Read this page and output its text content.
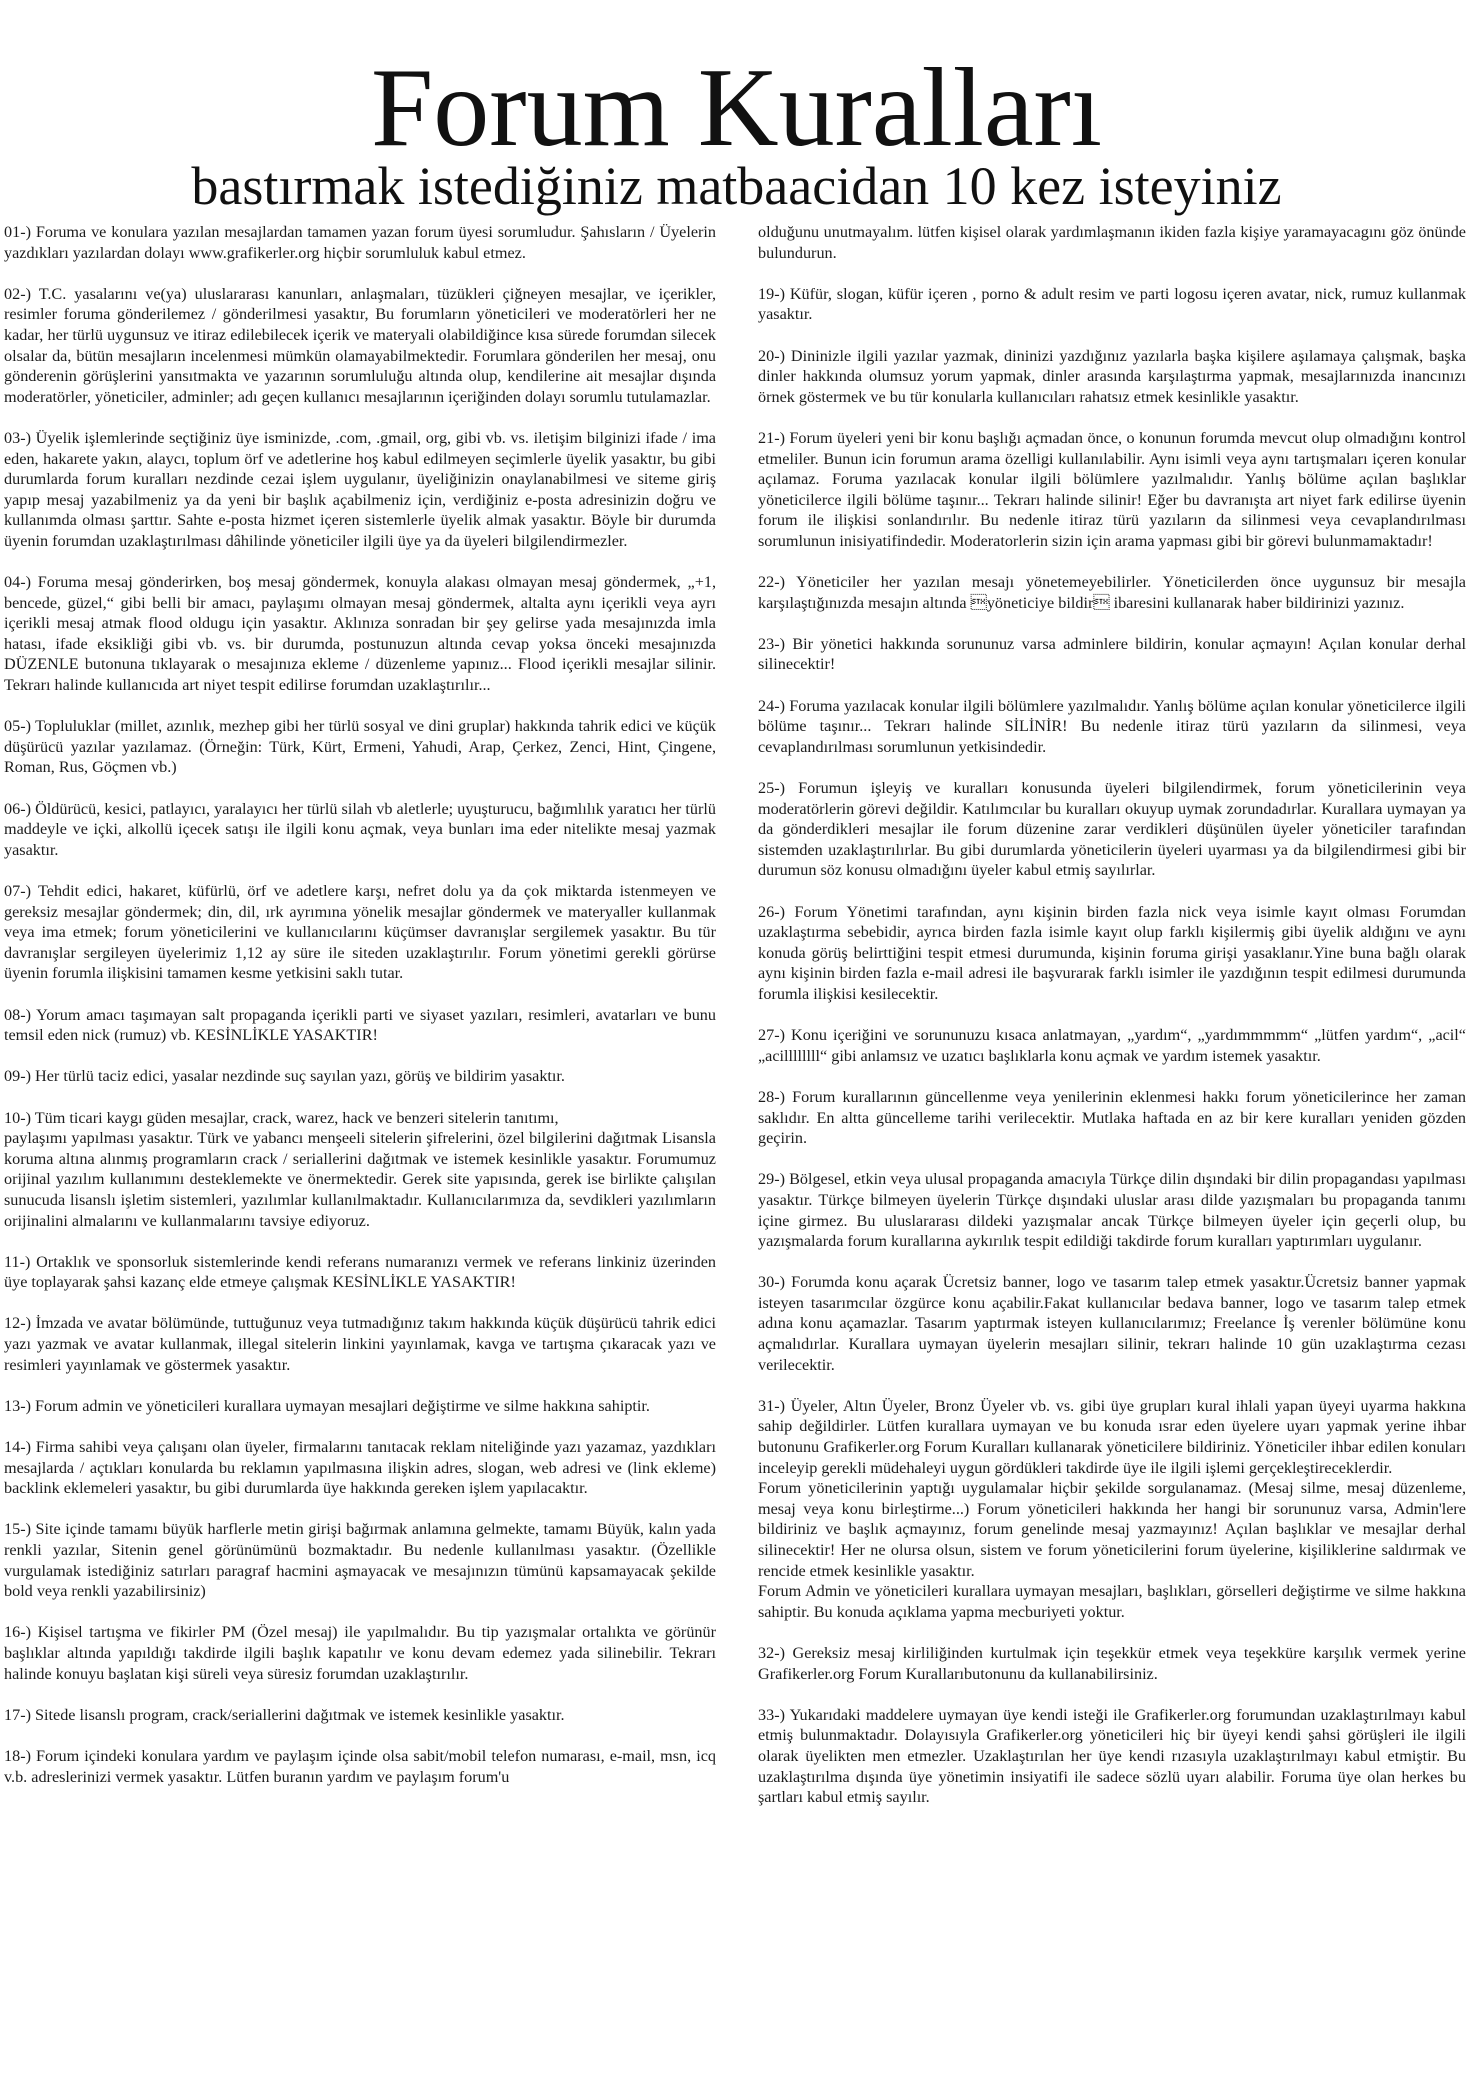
Forum Kuralları
bastırmak istediğiniz matbaacidan 10 kez isteyiniz

01-) Foruma ve konulara yazılan mesajlardan tamamen yazan forum üyesi sorumludur. Şahısların / Üyelerin yazdıkları yazılardan dolayı www.grafikerler.org hiçbir sorumluluk kabul etmez.

02-) T.C. yasalarını ve(ya) uluslararası kanunları, anlaşmaları, tüzükleri çiğneyen mesajlar, ve içerikler, resimler foruma gönderilemez / gönderilmesi yasaktır, Bu forumların yöneticileri ve moderatörleri her ne kadar, her türlü uygunsuz ve itiraz edilebilecek içerik ve materyali olabildiğince kısa sürede forumdan silecek olsalar da, bütün mesajların incelenmesi mümkün olamayabilmektedir. Forumlara gönderilen her mesaj, onu gönderenin görüşlerini yansıtmakta ve yazarının sorumluluğu altında olup, kendilerine ait mesajlar dışında moderatörler, yöneticiler, adminler; adı geçen kullanıcı mesajlarının içeriğinden dolayı sorumlu tutulamazlar.

03-) Üyelik işlemlerinde seçtiğiniz üye isminizde, .com, .gmail, org, gibi vb. vs. iletişim bilginizi ifade / ima eden, hakarete yakın, alaycı, toplum örf ve adetlerine hoş kabul edilmeyen seçimlerle üyelik yasaktır, bu gibi durumlarda forum kuralları nezdinde cezai işlem uygulanır, üyeliğinizin onaylanabilmesi ve siteme giriş yapıp mesaj yazabilmeniz ya da yeni bir başlık açabilmeniz için, verdiğiniz e-posta adresinizin doğru ve kullanımda olması şarttır. Sahte e-posta hizmet içeren sistemlerle üyelik almak yasaktır. Böyle bir durumda üyenin forumdan uzaklaştırılması dâhilinde yöneticiler ilgili üye ya da üyeleri bilgilendirmezler.

04-) Foruma mesaj gönderirken, boş mesaj göndermek, konuyla alakası olmayan mesaj göndermek, „+1, bencede, güzel,“ gibi belli bir amacı, paylaşımı olmayan mesaj göndermek, altalta aynı içerikli veya ayrı içerikli mesaj atmak flood oldugu için yasaktır. Aklınıza sonradan bir şey gelirse yada mesajınızda imla hatası, ifade eksikliği gibi vb. vs. bir durumda, postunuzun altında cevap yoksa önceki mesajınızda DÜZENLE butonuna tıklayarak o mesajınıza ekleme / düzenleme yapınız... Flood içerikli mesajlar silinir. Tekrarı halinde kullanıcıda art niyet tespit edilirse forumdan uzaklaştırılır...

05-) Topluluklar (millet, azınlık, mezhep gibi her türlü sosyal ve dini gruplar) hakkında tahrik edici ve küçük düşürücü yazılar yazılamaz. (Örneğin: Türk, Kürt, Ermeni, Yahudi, Arap, Çerkez, Zenci, Hint, Çingene, Roman, Rus, Göçmen vb.)

06-) Öldürücü, kesici, patlayıcı, yaralayıcı her türlü silah vb aletlerle; uyuşturucu, bağımlılık yaratıcı her türlü maddeyle ve içki, alkollü içecek satışı ile ilgili konu açmak, veya bunları ima eder nitelikte mesaj yazmak yasaktır.

07-) Tehdit edici, hakaret, küfürlü, örf ve adetlere karşı, nefret dolu ya da çok miktarda istenmeyen ve gereksiz mesajlar göndermek; din, dil, ırk ayrımına yönelik mesajlar göndermek ve materyaller kullanmak veya ima etmek; forum yöneticilerini ve kullanıcılarını küçümser davranışlar sergilemek yasaktır. Bu tür davranışlar sergileyen üyelerimiz 1,12 ay süre ile siteden uzaklaştırılır. Forum yönetimi gerekli görürse üyenin forumla ilişkisini tamamen kesme yetkisini saklı tutar.

08-) Yorum amacı taşımayan salt propaganda içerikli parti ve siyaset yazıları, resimleri, avatarları ve bunu temsil eden nick (rumuz) vb. KESİNLİKLE YASAKTIR!

09-) Her türlü taciz edici, yasalar nezdinde suç sayılan yazı, görüş ve bildirim yasaktır.

10-) Tüm ticari kaygı güden mesajlar, crack, warez, hack ve benzeri sitelerin tanıtımı,
paylaşımı yapılması yasaktır. Türk ve yabancı menşeeli sitelerin şifrelerini, özel bilgilerini dağıtmak Lisansla koruma altına alınmış programların crack / seriallerini dağıtmak ve istemek kesinlikle yasaktır. Forumumuz orijinal yazılım kullanımını desteklemekte ve önermektedir. Gerek site yapısında, gerek ise birlikte çalışılan sunucuda lisanslı işletim sistemleri, yazılımlar kullanılmaktadır. Kullanıcılarımıza da, sevdikleri yazılımların orijinalini almalarını ve kullanmalarını tavsiye ediyoruz.

11-) Ortaklık ve sponsorluk sistemlerinde kendi referans numaranızı vermek ve referans linkiniz üzerinden üye toplayarak şahsi kazanç elde etmeye çalışmak KESİNLİKLE YASAKTIR!

12-) İmzada ve avatar bölümünde, tuttuğunuz veya tutmadığınız takım hakkında küçük düşürücü tahrik edici yazı yazmak ve avatar kullanmak, illegal sitelerin linkini yayınlamak, kavga ve tartışma çıkaracak yazı ve resimleri yayınlamak ve göstermek yasaktır.

13-) Forum admin ve yöneticileri kurallara uymayan mesajlari değiştirme ve silme hakkına sahiptir.

14-) Firma sahibi veya çalışanı olan üyeler, firmalarını tanıtacak reklam niteliğinde yazı yazamaz, yazdıkları mesajlarda / açtıkları konularda bu reklamın yapılmasına ilişkin adres, slogan, web adresi ve (link ekleme) backlink eklemeleri yasaktır, bu gibi durumlarda üye hakkında gereken işlem yapılacaktır.

15-) Site içinde tamamı büyük harflerle metin girişi bağırmak anlamına gelmekte, tamamı Büyük, kalın yada renkli yazılar, Sitenin genel görünümünü bozmaktadır. Bu nedenle kullanılması yasaktır. (Özellikle vurgulamak istediğiniz satırları paragraf hacmini aşmayacak ve mesajınızın tümünü kapsamayacak şekilde bold veya renkli yazabilirsiniz)

16-) Kişisel tartışma ve fikirler PM (Özel mesaj) ile yapılmalıdır. Bu tip yazışmalar ortalıkta ve görünür başlıklar altında yapıldığı takdirde ilgili başlık kapatılır ve konu devam edemez yada silinebilir. Tekrarı halinde konuyu başlatan kişi süreli veya süresiz forumdan uzaklaştırılır.

17-) Sitede lisanslı program, crack/seriallerini dağıtmak ve istemek kesinlikle yasaktır.

18-) Forum içindeki konulara yardım ve paylaşım içinde olsa sabit/mobil telefon numarası, e-mail, msn, icq v.b. adreslerinizi vermek yasaktır. Lütfen buranın yardım ve paylaşım forum'u

olduğunu unutmayalım. lütfen kişisel olarak yardımlaşmanın ikiden fazla kişiye yaramayacagını göz önünde bulundurun.

19-) Küfür, slogan, küfür içeren , porno & adult resim ve parti logosu içeren avatar, nick, rumuz kullanmak yasaktır.

20-) Dininizle ilgili yazılar yazmak, dininizi yazdığınız yazılarla başka kişilere aşılamaya çalışmak, başka dinler hakkında olumsuz yorum yapmak, dinler arasında karşılaştırma yapmak, mesajlarınızda inancınızı örnek göstermek ve bu tür konularla kullanıcıları rahatsız etmek kesinlikle yasaktır.

21-) Forum üyeleri yeni bir konu başlığı açmadan önce, o konunun forumda mevcut olup olmadığını kontrol etmeliler. Bunun icin forumun arama özelligi kullanılabilir. Aynı isimli veya aynı tartışmaları içeren konular açılamaz. Foruma yazılacak konular ilgili bölümlere yazılmalıdır. Yanlış bölüme açılan başlıklar yöneticilerce ilgili bölüme taşınır... Tekrarı halinde silinir! Eğer bu davranışta art niyet fark edilirse üyenin forum ile ilişkisi sonlandırılır. Bu nedenle itiraz türü yazıların da silinmesi veya cevaplandırılması sorumlunun inisiyatifindedir. Moderatorlerin sizin için arama yapması gibi bir görevi bulunmamaktadır!

22-) Yöneticiler her yazılan mesajı yönetemeyebilirler. Yöneticilerden önce uygunsuz bir mesajla karşılaştığınızda mesajın altında yöneticiye bildir ibaresini kullanarak haber bildirinizi yazınız.

23-) Bir yönetici hakkında sorununuz varsa adminlere bildirin, konular açmayın! Açılan konular derhal silinecektir!

24-) Foruma yazılacak konular ilgili bölümlere yazılmalıdır. Yanlış bölüme açılan konular yöneticilerce ilgili bölüme taşınır... Tekrarı halinde SİLİNİR! Bu nedenle itiraz türü yazıların da silinmesi, veya cevaplandırılması sorumlunun yetkisindedir.

25-) Forumun işleyiş ve kuralları konusunda üyeleri bilgilendirmek, forum yöneticilerinin veya moderatörlerin görevi değildir. Katılımcılar bu kuralları okuyup uymak zorundadırlar. Kurallara uymayan ya da gönderdikleri mesajlar ile forum düzenine zarar verdikleri düşünülen üyeler yöneticiler tarafından sistemden uzaklaştırılırlar. Bu gibi durumlarda yöneticilerin üyeleri uyarması ya da bilgilendirmesi gibi bir durumun söz konusu olmadığını üyeler kabul etmiş sayılırlar.

26-) Forum Yönetimi tarafından, aynı kişinin birden fazla nick veya isimle kayıt olması Forumdan uzaklaştırma sebebidir, ayrıca birden fazla isimle kayıt olup farklı kişilermiş gibi üyelik aldığını ve aynı konuda görüş belirttiğini tespit etmesi durumunda, kişinin foruma girişi yasaklanır.Yine buna bağlı olarak aynı kişinin birden fazla e-mail adresi ile başvurarak farklı isimler ile yazdığının tespit edilmesi durumunda forumla ilişkisi kesilecektir.

27-) Konu içeriğini ve sorununuzu kısaca anlatmayan, „yardım“, „yardımmmmm“ „lütfen yardım“, „acil“ „acillllllll“ gibi anlamsız ve uzatıcı başlıklarla konu açmak ve yardım istemek yasaktır.

28-) Forum kurallarının güncellenme veya yenilerinin eklenmesi hakkı forum yöneticilerince her zaman saklıdır. En altta güncelleme tarihi verilecektir. Mutlaka haftada en az bir kere kuralları yeniden gözden geçirin.

29-) Bölgesel, etkin veya ulusal propaganda amacıyla Türkçe dilin dışındaki bir dilin propagandası yapılması yasaktır. Türkçe bilmeyen üyelerin Türkçe dışındaki uluslar arası dilde yazışmaları bu propaganda tanımı içine girmez. Bu uluslararası dildeki yazışmalar ancak Türkçe bilmeyen üyeler için geçerli olup, bu yazışmalarda forum kurallarına aykırılık tespit edildiği takdirde forum kuralları yaptırımları uygulanır.

30-) Forumda konu açarak Ücretsiz banner, logo ve tasarım talep etmek yasaktır.Ücretsiz banner yapmak isteyen tasarımcılar özgürce konu açabilir.Fakat kullanıcılar bedava banner, logo ve tasarım talep etmek adına konu açamazlar. Tasarım yaptırmak isteyen kullanıcılarımız; Freelance İş verenler bölümüne konu açmalıdırlar. Kurallara uymayan üyelerin mesajları silinir, tekrarı halinde 10 gün uzaklaştırma cezası verilecektir.

31-) Üyeler, Altın Üyeler, Bronz Üyeler vb. vs. gibi üye grupları kural ihlali yapan üyeyi uyarma hakkına sahip değildirler. Lütfen kurallara uymayan ve bu konuda ısrar eden üyelere uyarı yapmak yerine ihbar butonunu Grafikerler.org Forum Kuralları kullanarak yöneticilere bildiriniz. Yöneticiler ihbar edilen konuları inceleyip gerekli müdehaleyi uygun gördükleri takdirde üye ile ilgili işlemi gerçekleştireceklerdir.
Forum yöneticilerinin yaptığı uygulamalar hiçbir şekilde sorgulanamaz. (Mesaj silme, mesaj düzenleme, mesaj veya konu birleştirme...) Forum yöneticileri hakkında her hangi bir sorununuz varsa, Admin'lere bildiriniz ve başlık açmayınız, forum genelinde mesaj yazmayınız! Açılan başlıklar ve mesajlar derhal silinecektir! Her ne olursa olsun, sistem ve forum yöneticilerini forum üyelerine, kişiliklerine saldırmak ve rencide etmek kesinlikle yasaktır.
Forum Admin ve yöneticileri kurallara uymayan mesajları, başlıkları, görselleri değiştirme ve silme hakkına sahiptir. Bu konuda açıklama yapma mecburiyeti yoktur.

32-) Gereksiz mesaj kirliliğinden kurtulmak için teşekkür etmek veya teşekküre karşılık vermek yerine Grafikerler.org Forum Kurallarıbutonunu da kullanabilirsiniz.

33-) Yukarıdaki maddelere uymayan üye kendi isteği ile Grafikerler.org forumundan uzaklaştırılmayı kabul etmiş bulunmaktadır. Dolayısıyla Grafikerler.org yöneticileri hiç bir üyeyi kendi şahsi görüşleri ile ilgili olarak üyelikten men etmezler. Uzaklaştırılan her üye kendi rızasıyla uzaklaştırılmayı kabul etmiştir. Bu uzaklaştırılma dışında üye yönetimin insiyatifi ile sadece sözlü uyarı alabilir. Foruma üye olan herkes bu şartları kabul etmiş sayılır.
